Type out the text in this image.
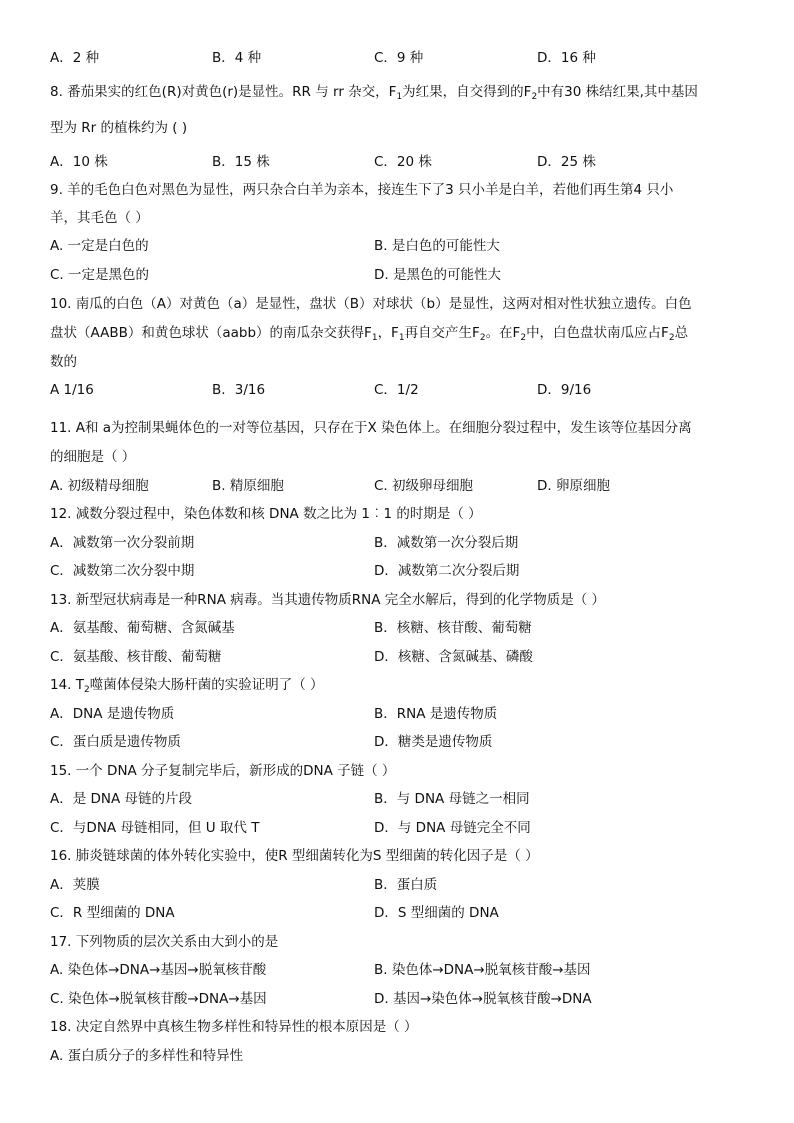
A．2 种	B．4 种	C．9 种	D．16 种
8. 番茄果实的红色(R)对黄色(r)是显性。RR 与 rr 杂交，$F_1$为红果，自交得到的$F_2$中有30 株结红果,其中基因
型为 Rr 的植株约为 ( )
A．10 株	B．15 株	C．20 株	D．25 株
9. 羊的毛色白色对黑色为显性，两只杂合白羊为亲本，接连生下了3 只小羊是白羊，若他们再生第4 只小
羊，其毛色（ ）
A. 一定是白色的	B. 是白色的可能性大
C. 一定是黑色的	D. 是黑色的可能性大
10. 南瓜的白色（A）对黄色（a）是显性，盘状（B）对球状（b）是显性，这两对相对性状独立遗传。白色
盘状（AABB）和黄色球状（aabb）的南瓜杂交获得$F_1$，$F_1$再自交产生$F_2$。在$F_2$中，白色盘状南瓜应占$F_2$总
数的
A 1/16	B．3/16	C．1/2	D．9/16
11. A和 a为控制果蝇体色的一对等位基因，只存在于X 染色体上。在细胞分裂过程中，发生该等位基因分离
的细胞是（ ）
A. 初级精母细胞	B. 精原细胞	C. 初级卵母细胞	D. 卵原细胞
12. 减数分裂过程中，染色体数和核 DNA 数之比为 1︰1 的时期是（ ）
A．减数第一次分裂前期	B．减数第一次分裂后期
C．减数第二次分裂中期	D．减数第二次分裂后期
13. 新型冠状病毒是一种RNA 病毒。当其遗传物质RNA 完全水解后，得到的化学物质是（ ）
A．氨基酸、葡萄糖、含氮碱基	B．核糖、核苷酸、葡萄糖
C．氨基酸、核苷酸、葡萄糖	D．核糖、含氮碱基、磷酸
14. $T_2$噬菌体侵染大肠杆菌的实验证明了（ ）
A．DNA 是遗传物质	B．RNA 是遗传物质
C．蛋白质是遗传物质	D．糖类是遗传物质
15. 一个 DNA 分子复制完毕后，新形成的DNA 子链（ ）
A．是 DNA 母链的片段	B．与 DNA 母链之一相同
C．与DNA 母链相同，但 U 取代 T	D．与 DNA 母链完全不同
16. 肺炎链球菌的体外转化实验中，使R 型细菌转化为S 型细菌的转化因子是（ ）
A．荚膜	B．蛋白质
C．R 型细菌的 DNA	D．S 型细菌的 DNA
17. 下列物质的层次关系由大到小的是
A. 染色体→DNA→基因→脱氧核苷酸	B. 染色体→DNA→脱氧核苷酸→基因
C. 染色体→脱氧核苷酸→DNA→基因	D. 基因→染色体→脱氧核苷酸→DNA
18. 决定自然界中真核生物多样性和特异性的根本原因是（ ）
A. 蛋白质分子的多样性和特异性
